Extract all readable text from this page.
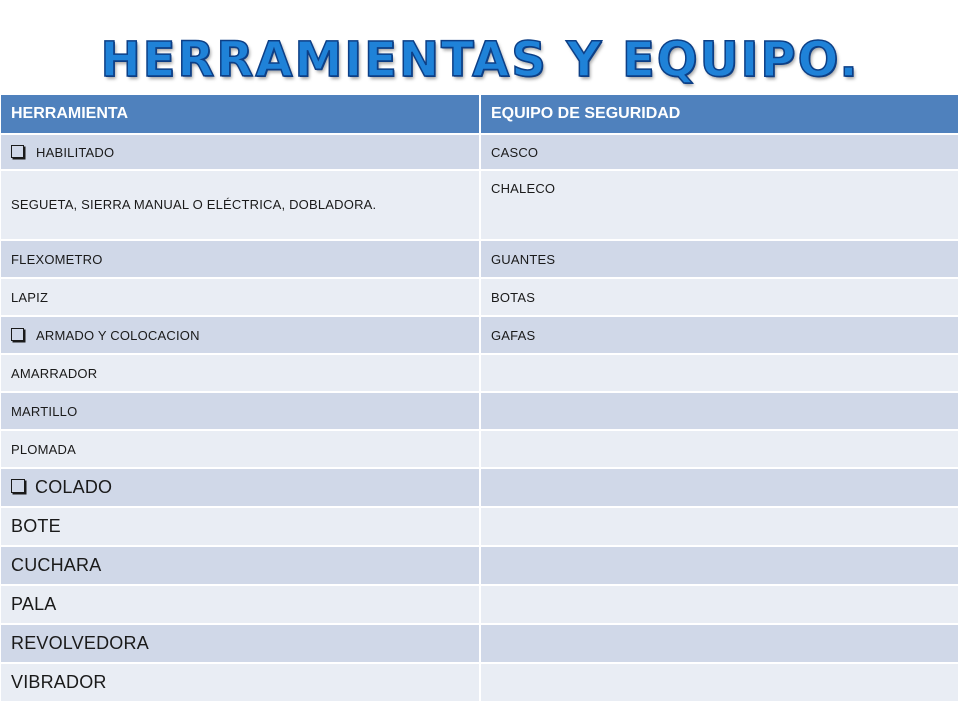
HERRAMIENTAS Y EQUIPO.
HERRAMIENTA	EQUIPO DE SEGURIDAD
HABILITADO	CASCO

SEGUETA, SIERRA MANUAL O ELÉCTRICA, DOBLADORA.	CHALECO
FLEXOMETRO	GUANTES
LAPIZ	BOTAS
ARMADO Y COLOCACION	GAFAS
AMARRADOR	
MARTILLO	
PLOMADA	
COLADO	
BOTE	
CUCHARA	
PALA	
REVOLVEDORA	
VIBRADOR	
